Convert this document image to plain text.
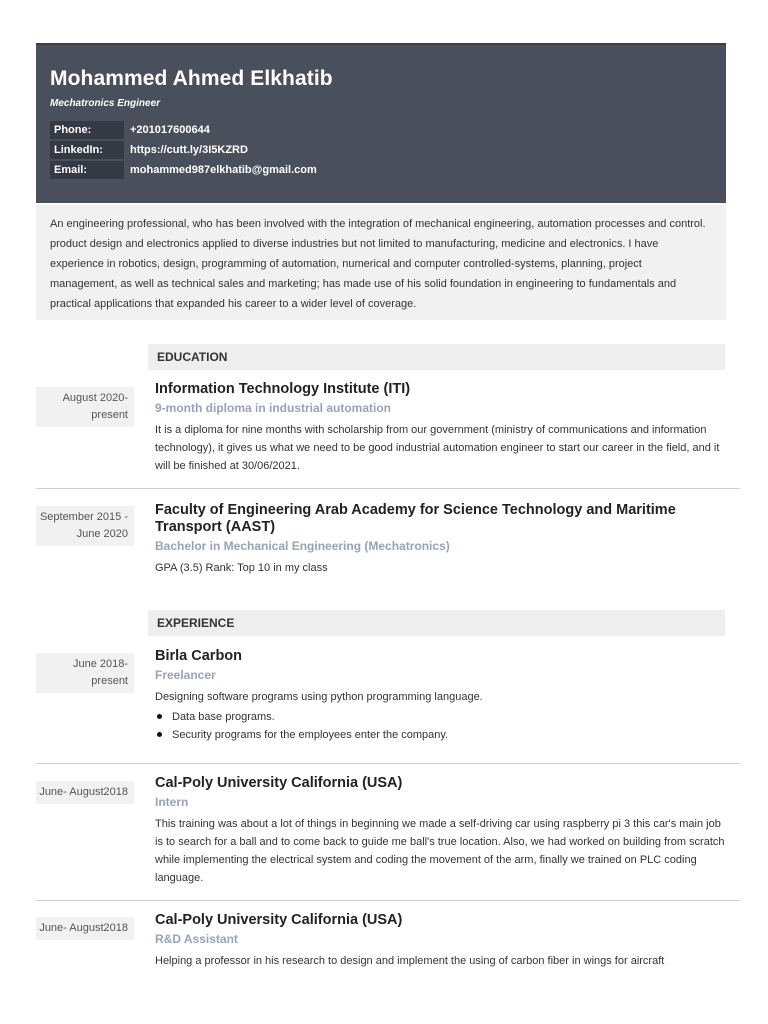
Mohammed Ahmed Elkhatib
Mechatronics Engineer
Phone:	+201017600644
LinkedIn:	https://cutt.ly/3I5KZRD
Email:	mohammed987elkhatib@gmail.com
An engineering professional, who has been involved with the integration of mechanical engineering, automation processes and control. product design and electronics applied to diverse industries but not limited to manufacturing, medicine and electronics. I have experience in robotics, design, programming of automation, numerical and computer controlled-systems, planning, project management, as well as technical sales and marketing; has made use of his solid foundation in engineering to fundamentals and practical applications that expanded his career to a wider level of coverage.
EDUCATION
August 2020- present
Information Technology Institute (ITI)
9-month diploma in industrial automation
It is a diploma for nine months with scholarship from our government (ministry of communications and information technology), it gives us what we need to be good industrial automation engineer to start our career in the field, and it will be finished at 30/06/2021.
September 2015 - June 2020
Faculty of Engineering Arab Academy for Science Technology and Maritime Transport (AAST)
Bachelor in Mechanical Engineering (Mechatronics)
GPA (3.5) Rank: Top 10 in my class
EXPERIENCE
June 2018- present
Birla Carbon
Freelancer
Designing software programs using python programming language.
Data base programs.
Security programs for the employees enter the company.
June- August2018
Cal-Poly University California (USA)
Intern
This training was about a lot of things in beginning we made a self-driving car using raspberry pi 3 this car's main job is to search for a ball and to come back to guide me ball's true location. Also, we had worked on building from scratch while implementing the electrical system and coding the movement of the arm, finally we trained on PLC coding language.
June- August2018	Cal-Poly University California (USA)
R&D Assistant
Helping a professor in his research to design and implement the using of carbon fiber in wings for aircraft
